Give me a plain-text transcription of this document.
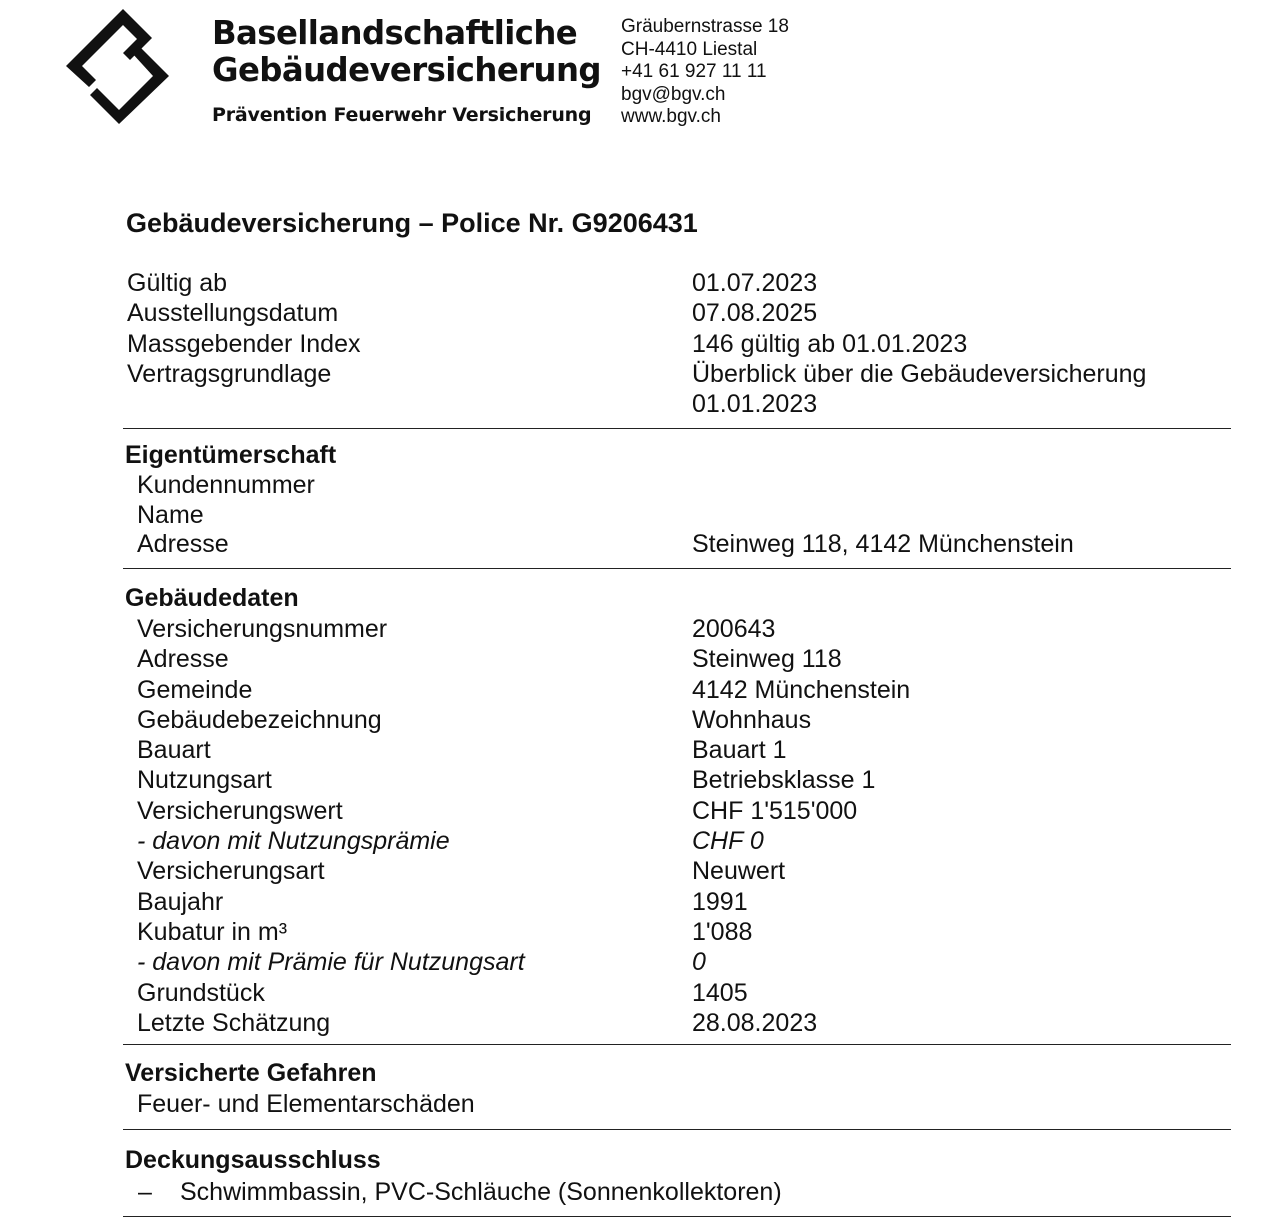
Basellandschaftliche
Gebäudeversicherung
Prävention Feuerwehr Versicherung
Gräubernstrasse 18
CH-4410 Liestal
+41 61 927 11 11
bgv@bgv.ch
www.bgv.ch
Gebäudeversicherung – Police Nr. G9206431
Gültig ab	01.07.2023
Ausstellungsdatum	07.08.2025
Massgebender Index	146 gültig ab 01.01.2023
Vertragsgrundlage	Überblick über die Gebäudeversicherung
01.01.2023
Eigentümerschaft
Kundennummer
Name
Adresse	Steinweg 118, 4142 Münchenstein
Gebäudedaten
Versicherungsnummer	200643
Adresse	Steinweg 118
Gemeinde	4142 Münchenstein
Gebäudebezeichnung	Wohnhaus
Bauart	Bauart 1
Nutzungsart	Betriebsklasse 1
Versicherungswert	CHF 1'515'000
- davon mit Nutzungsprämie	CHF 0
Versicherungsart	Neuwert
Baujahr	1991
Kubatur in m³	1'088
- davon mit Prämie für Nutzungsart	0
Grundstück	1405
Letzte Schätzung	28.08.2023
Versicherte Gefahren
Feuer- und Elementarschäden
Deckungsausschluss
– Schwimmbassin, PVC-Schläuche (Sonnenkollektoren)
